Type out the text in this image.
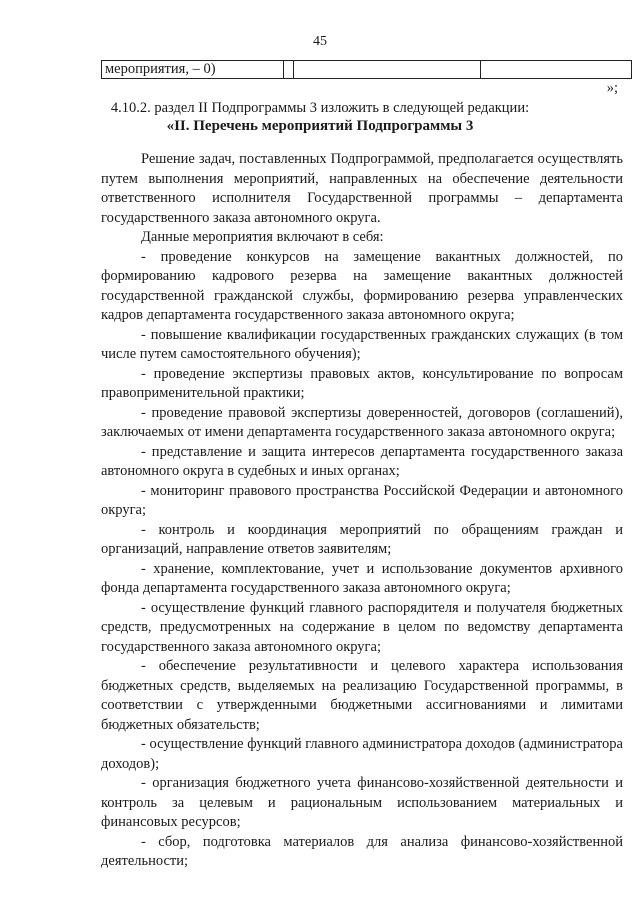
45
мероприятия, – 0)			
»;
4.10.2. раздел II Подпрограммы 3 изложить в следующей редакции:
«II. Перечень мероприятий Подпрограммы 3

Решение задач, поставленных Подпрограммой, предполагается осуществлять путем выполнения мероприятий, направленных на обеспечение деятельности ответственного исполнителя Государственной программы – департамента государственного заказа автономного округа.

Данные мероприятия включают в себя:

- проведение конкурсов на замещение вакантных должностей, по формированию кадрового резерва на замещение вакантных должностей государственной гражданской службы, формированию резерва управленческих кадров департамента государственного заказа автономного округа;

- повышение квалификации государственных гражданских служащих (в том числе путем самостоятельного обучения);

- проведение экспертизы правовых актов, консультирование по вопросам правоприменительной практики;

- проведение правовой экспертизы доверенностей, договоров (соглашений), заключаемых от имени департамента государственного заказа автономного округа;

- представление и защита интересов департамента государственного заказа автономного округа в судебных и иных органах;

- мониторинг правового пространства Российской Федерации и автономного округа;

- контроль и координация мероприятий по обращениям граждан и организаций, направление ответов заявителям;

- хранение, комплектование, учет и использование документов архивного фонда департамента государственного заказа автономного округа;

- осуществление функций главного распорядителя и получателя бюджетных средств, предусмотренных на содержание в целом по ведомству департамента государственного заказа автономного округа;

- обеспечение результативности и целевого характера использования бюджетных средств, выделяемых на реализацию Государственной программы, в соответствии с утвержденными бюджетными ассигнованиями и лимитами бюджетных обязательств;

- осуществление функций главного администратора доходов (администратора доходов);

- организация бюджетного учета финансово-хозяйственной деятельности и контроль за целевым и рациональным использованием материальных и финансовых ресурсов;

- сбор, подготовка материалов для анализа финансово-хозяйственной деятельности;
